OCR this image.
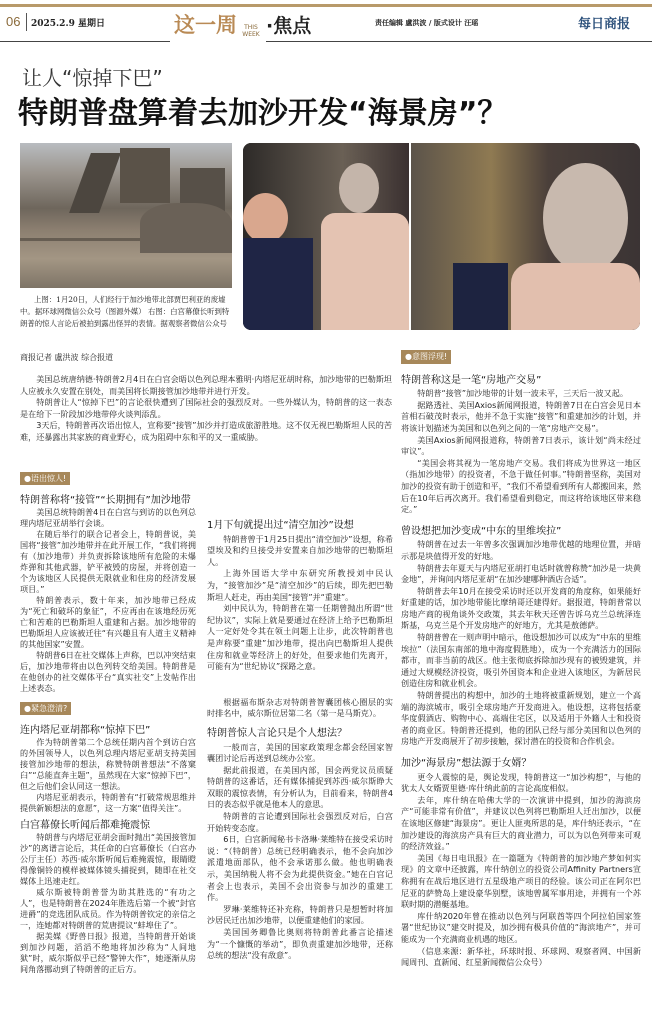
06 2025.2.9 星期日	这一周	THIS WEEK ·焦点	责任编辑 盧洪波 / 版式设计 汪瑶	每日商报
让人“惊掉下巴”
特朗普盘算着去加沙开发“海景房”？
上图：1月20日，人们经行于加沙地带北部贾巴利亚的废墟中。据环球网微信公众号（图源外媒） 右图：白宫幕僚长听到特朗普的惊人言论后被拍到露出怪异的表情。据观察者微信公众号
商报记者 盧洪波 综合报道

美国总统唐纳德·特朗普2月4日在白宫会晤以色列总理本雅明·内塔尼亚胡时称，加沙地带的巴勒斯坦人应被永久安置在别处，而美国将长期接管加沙地带并进行开发。

特朗普让人“惊掉下巴”的言论很快遭到了国际社会的强烈反对。一些外媒认为，特朗普的这一表态是在给下一阶段加沙地带停火谈判添乱。

3天后，特朗普再次语出惊人，宣称要“接管”加沙并打造成旅游胜地。这不仅无视巴勒斯坦人民的苦难，还暴露出其家族的商业野心，成为阻碍中东和平的又一重威胁。

●语出惊人!
特朗普称将“接管”“长期拥有”加沙地带

美国总统特朗普4日在白宫与到访的以色列总理内塔尼亚胡举行会谈。

在随后举行的联合记者会上，特朗普说，美国将“接管”加沙地带并在此开展工作，“我们将拥有（加沙地带）并负责拆除该地所有危险的未爆炸弹和其他武器，铲平被毁的房屋，并将创造一个为该地区人民提供无限就业和住房的经济发展项目。”

特朗普表示，数十年来，加沙地带已经成为“死亡和破坏的象征”，不应再由在该地经历死亡和苦难的巴勒斯坦人重建和占据。加沙地带的巴勒斯坦人应该被迁往“有兴趣且有人道主义精神的其他国家”安置。

特朗普6日在社交媒体上声称，巴以冲突结束后，加沙地带将由以色列转交给美国。特朗普是在他创办的社交媒体平台“真实社交”上发帖作出上述表态。

●紧急澄清?
连内塔尼亚胡都称“惊掉下巴”

作为特朗普第二个总统任期内首个到访白宫的外国领导人，以色列总理内塔尼亚胡支持美国接管加沙地带的想法，称赞特朗普想法“不落窠臼”“总能直奔主题”，虽然现在大家“惊掉下巴”，但之后他们会认同这一想法。

内塔尼亚胡表示，特朗普有“打破常规思维并提供新颖想法的意愿”，这一方案“值得关注”。

白宫幕僚长听闻后都难掩震惊

特朗普与内塔尼亚胡会面时抛出“美国接管加沙”的离谱言论后，其任命的白宫幕僚长（白宫办公厅主任）苏西·威尔斯听闻后难掩震惊，眼睛瞪得像铜铃的模样被媒体镜头捕捉到，随即在社交媒体上迅速走红。

威尔斯被特朗普誉为助其胜选的“有功之人”，也是特朗普在2024年胜选后第一个被“封官进爵”的竞选团队成员。作为特朗普钦定的亲信之一，连她都对特朗普的荒唐提议“蚌埠住了”。

据美媒《野兽日报》报道，当特朗普开始谈到加沙问题，滔滔不绝地将加沙称为“人间地狱”时，威尔斯似乎已经“警钟大作”，她逐渐从房间角落挪动到了特朗普的正后方。

1月下旬就提出过“清空加沙”设想

特朗普曾于1月25日提出“清空加沙”设想，称希望埃及和约旦接受并安置来自加沙地带的巴勒斯坦人。

上海外国语大学中东研究所教授刘中民认为，“接管加沙”是“清空加沙”的后续，即先把巴勒斯坦人赶走，再由美国“接管”并“重建”。

刘中民认为，特朗普在第一任期曾抛出所谓“世纪协议”，实际上就是要通过在经济上给予巴勒斯坦人一定好处令其在领土问题上让步，此次特朗普也是声称要“重建”加沙地带，提出向巴勒斯坦人提供住房和就业等经济上的好处，但要求他们先离开，可能有为“世纪协议”探路之意。

根据福布斯杂志对特朗普智囊团核心圈层的实时排名中，威尔斯位居第二名（第一是马斯克）。

特朗普惊人言论只是个人想法？

一般而言，美国的国家政策理念都会经国家智囊团讨论后再送到总统办公室。

据此前报道，在美国内部，国会两党议员质疑特朗普的这番话，还有媒体捕捉到苏西·威尔斯睁大双眼的震惊表情，有分析认为，目前看来，特朗普4日的表态似乎就是他本人的意思。

特朗普的言论遭到国际社会强烈反对后，白宫开始转变态度。

6日，白宫新闻秘书卡洛琳·莱维特在接受采访时说：“（特朗普）总统已经明确表示，他不会向加沙派遣地面部队，他不会承诺那么做。他也明确表示，美国纳税人将不会为此提供资金。”她在白宫记者会上也表示，美国不会出资参与加沙的重建工作。

罗琳·莱维特还补充称，特朗普只是想暂时将加沙居民迁出加沙地带，以便重建他们的家园。

美国国务卿鲁比奥则将特朗普此番言论描述为“一个慷慨的举动”，即负责重建加沙地带，还称总统的想法“没有敌意”。

●意图浮现!
特朗普称这是一笔“房地产交易”

特朗普“接管”加沙地带的计划一波未平，三天后一波又起。

据路透社、美国Axios新闻网报道，特朗普7日在白宫会见日本首相石破茂时表示，他并不急于实施“接管”和重建加沙的计划，并将该计划描述为美国和以色列之间的一笔“房地产交易”。

美国Axios新闻网报道称，特朗普7日表示，该计划“尚未经过审议”。

“美国会将其视为一笔房地产交易。我们将成为世界这一地区（指加沙地带）的投资者，不急于做任何事。”特朗普坚称，美国对加沙的投资有助于创造和平，“我们不希望看到所有人都搬回来，然后在10年后再次离开。我们希望看到稳定，而这将给该地区带来稳定。”

曾设想把加沙变成“中东的里维埃拉”

特朗普在过去一年曾多次强调加沙地带优越的地理位置，并暗示那是块值得开发的好地。

特朗普去年夏天与内塔尼亚胡打电话时就曾称赞“加沙是一块黄金地”，并询问内塔尼亚胡“在加沙建哪种酒店合适”。

特朗普去年10月在接受采访时还以开发商的角度称，如果能好好重建的话，加沙地带能比摩纳哥还建得好。据报道，特朗普常以房地产商的视角谈外交政策，其去年秋天还曾告诉乌克兰总统泽连斯基，乌克兰是个开发房地产的好地方，尤其是敖德萨。

特朗普曾在一则声明中暗示，他设想加沙可以成为“中东的里维埃拉”（法国东南部的地中海度假胜地），成为一个充满活力的国际都市，而非当前的战区。他主张彻底拆除加沙现有的被毁建筑，并通过大规模经济投资，吸引外国资本和企业进入该地区，为新居民创造住房和就业机会。

特朗普提出的构想中，加沙的土地将被重新规划，建立一个高端的海滨城市，吸引全球房地产开发商进入。他设想，这将包括豪华度假酒店、购物中心、高端住宅区，以及适用于外籍人士和投资者的商业区。特朗普还提到，他的团队已经与部分美国和以色列的房地产开发商展开了初步接触，探讨潜在的投资和合作机会。

加沙“海景房”想法源于女婿？

更令人震惊的是，舆论发现，特朗普这一“加沙构想”，与他的犹太人女婿贾里德·库什纳此前的言论高度相似。

去年，库什纳在哈佛大学的一次演讲中提到，加沙的海滨房产“可能非常有价值”，并建议以色列将巴勒斯坦人迁出加沙，以便在该地区修建“海景房”。更让人匪夷所思的是，库什纳还表示，“在加沙建设的海滨房产具有巨大的商业潜力，可以为以色列带来可观的经济效益。”

美国《每日电讯报》在一篇题为《特朗普的加沙地产梦如何实现》的文章中还披露，库什纳创立的投资公司Affinity Partners宣称拥有在战后地区进行五星级地产项目的经验。该公司正在阿尔巴尼亚的萨赞岛上建设豪华别墅，该地曾属军事用途，并拥有一个苏联时期的潜艇基地。

库什纳2020年曾在推动以色列与阿联酋等四个阿拉伯国家签署“世纪协议”建交时提及，加沙拥有极具价值的“海滨地产”，并可能成为一个充满商业机遇的地区。

（信息来源：新华社，环球时报、环球网、观察者网、中国新闻周刊、直新闻、红星新闻微信公众号）
